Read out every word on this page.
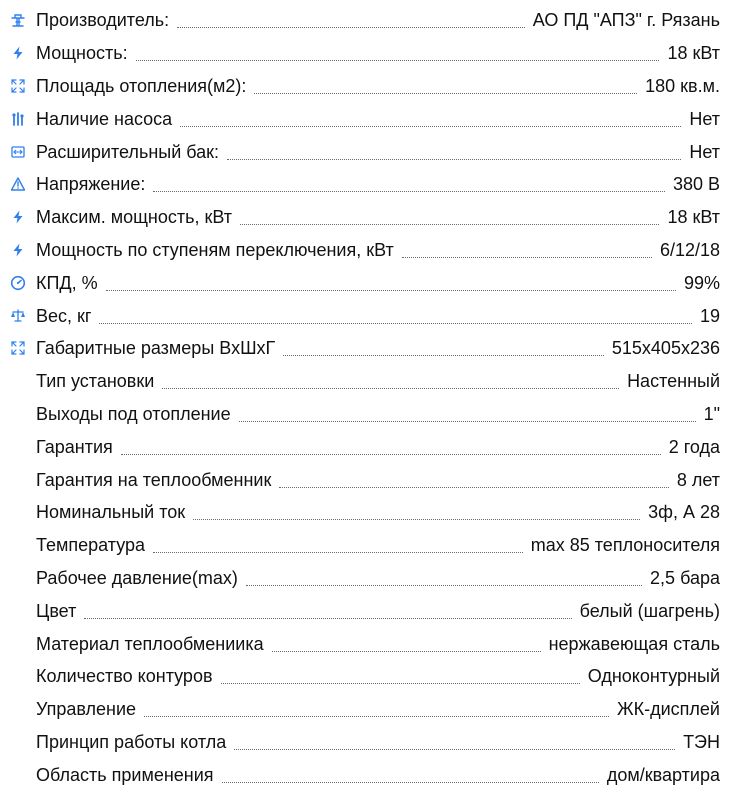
Производитель:	АО ПД "АПЗ" г. Рязань
Мощность:	18 кВт
Площадь отопления(м2):	180 кв.м.
Наличие насоса	Нет
Расширительный бак:	Нет
Напряжение:	380 В
Максим. мощность, кВт	18 кВт
Мощность по ступеням переключения, кВт	6/12/18
КПД, %	99%
Вес, кг	19
Габаритные размеры ВхШхГ	515х405х236
Тип установки	Настенный
Выходы под отопление	1"
Гарантия	2 года
Гарантия на теплообменник	8 лет
Номинальный ток	3ф, А 28
Температура	max 85 теплоносителя
Рабочее давление(max)	2,5 бара
Цвет	белый (шагрень)
Материал теплообмениика	нержавеющая сталь
Количество контуров	Одноконтурный
Управление	ЖК-дисплей
Принцип работы котла	ТЭН
Область применения	дом/квартира
